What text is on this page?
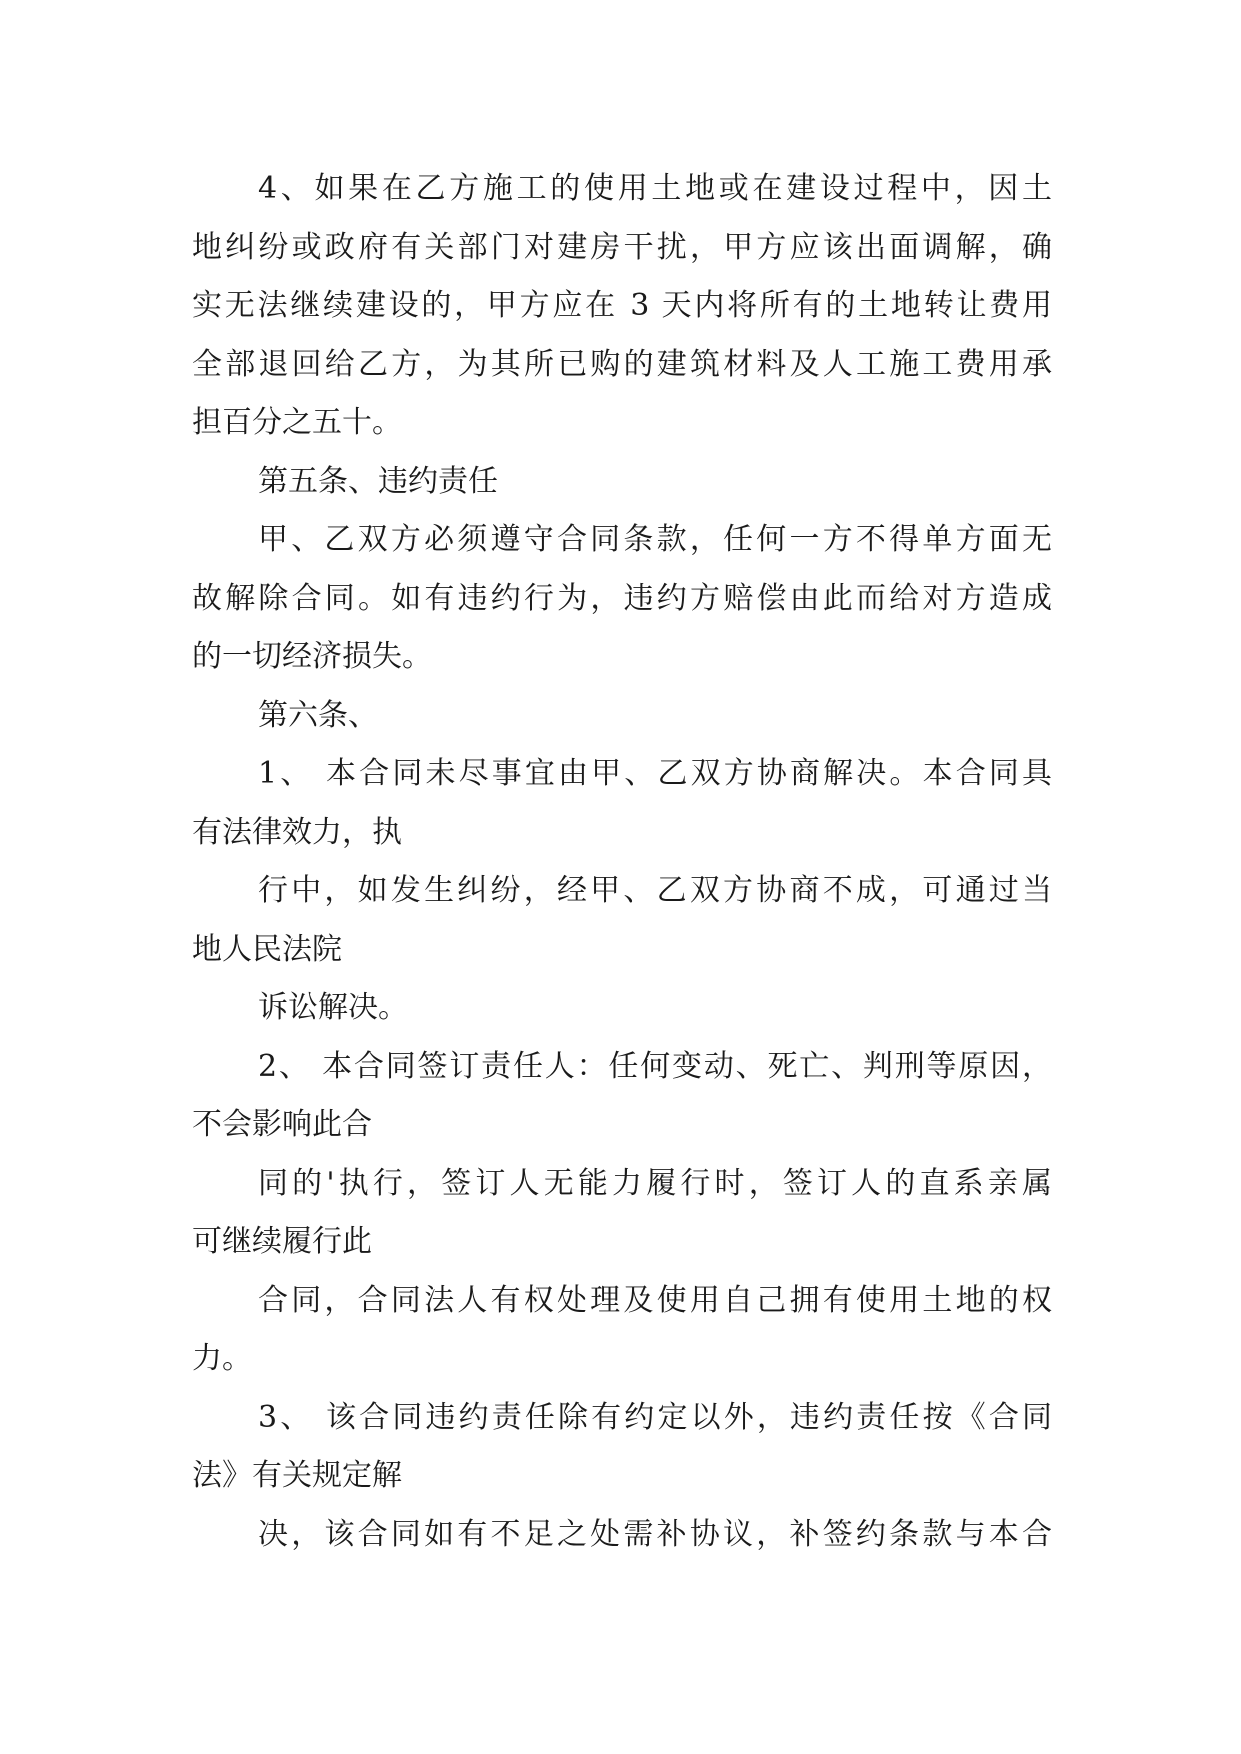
4、如果在乙方施工的使用土地或在建设过程中，因土
地纠纷或政府有关部门对建房干扰，甲方应该出面调解，确
实无法继续建设的，甲方应在 3 天内将所有的土地转让费用
全部退回给乙方，为其所已购的建筑材料及人工施工费用承
担百分之五十。
第五条、违约责任
甲、乙双方必须遵守合同条款，任何一方不得单方面无
故解除合同。如有违约行为，违约方赔偿由此而给对方造成
的一切经济损失。
第六条、
1、 本合同未尽事宜由甲、乙双方协商解决。本合同具
有法律效力，执
行中，如发生纠纷，经甲、乙双方协商不成，可通过当
地人民法院
诉讼解决。
2、 本合同签订责任人：任何变动、死亡、判刑等原因，
不会影响此合
同的'执行，签订人无能力履行时，签订人的直系亲属
可继续履行此
合同，合同法人有权处理及使用自己拥有使用土地的权
力。
3、 该合同违约责任除有约定以外，违约责任按《合同
法》有关规定解
决，该合同如有不足之处需补协议，补签约条款与本合
